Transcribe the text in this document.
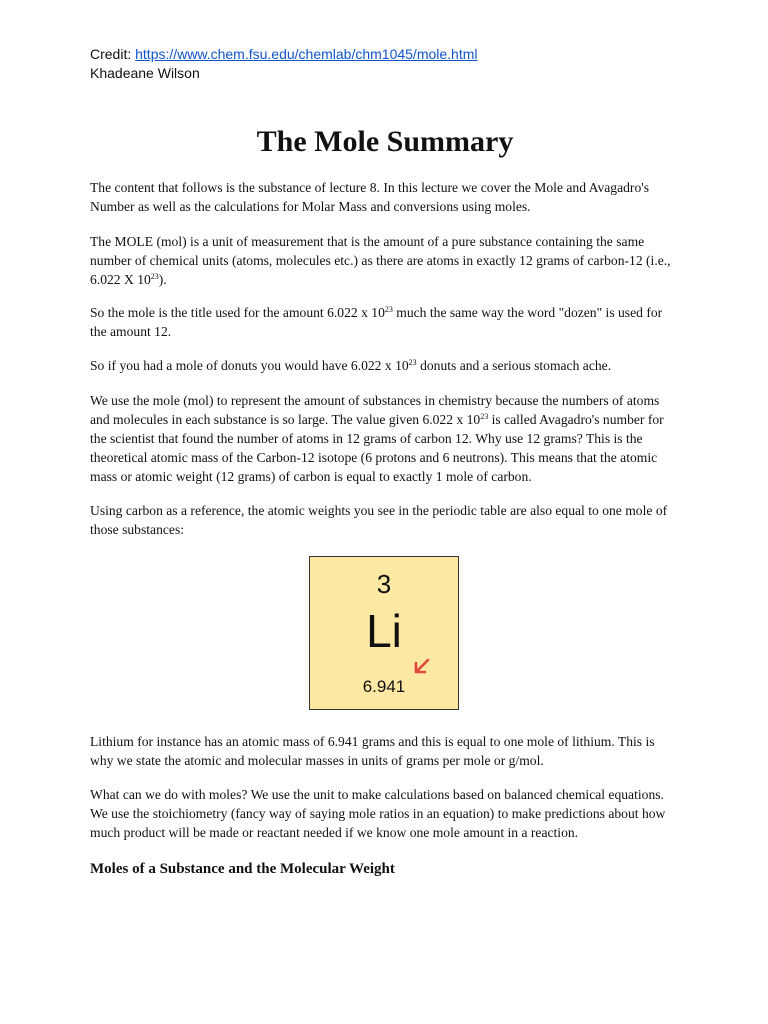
Credit: https://www.chem.fsu.edu/chemlab/chm1045/mole.html
Khadeane Wilson
The Mole Summary

The content that follows is the substance of lecture 8. In this lecture we cover the Mole and Avagadro's Number as well as the calculations for Molar Mass and conversions using moles.

The MOLE (mol) is a unit of measurement that is the amount of a pure substance containing the same number of chemical units (atoms, molecules etc.) as there are atoms in exactly 12 grams of carbon-12 (i.e., 6.022 X $10^{23}$).

So the mole is the title used for the amount 6.022 x $10^{23}$ much the same way the word "dozen" is used for the amount 12.

So if you had a mole of donuts you would have 6.022 x $10^{23}$ donuts and a serious stomach ache.

We use the mole (mol) to represent the amount of substances in chemistry because the numbers of atoms and molecules in each substance is so large. The value given 6.022 x $10^{23}$ is called Avagadro's number for the scientist that found the number of atoms in 12 grams of carbon 12. Why use 12 grams? This is the theoretical atomic mass of the Carbon-12 isotope (6 protons and 6 neutrons). This means that the atomic mass or atomic weight (12 grams) of carbon is equal to exactly 1 mole of carbon.

Using carbon as a reference, the atomic weights you see in the periodic table are also equal to one mole of those substances:

3
Li
6.941

Lithium for instance has an atomic mass of 6.941 grams and this is equal to one mole of lithium. This is why we state the atomic and molecular masses in units of grams per mole or g/mol.

What can we do with moles? We use the unit to make calculations based on balanced chemical equations. We use the stoichiometry (fancy way of saying mole ratios in an equation) to make predictions about how much product will be made or reactant needed if we know one mole amount in a reaction.

Moles of a Substance and the Molecular Weight
